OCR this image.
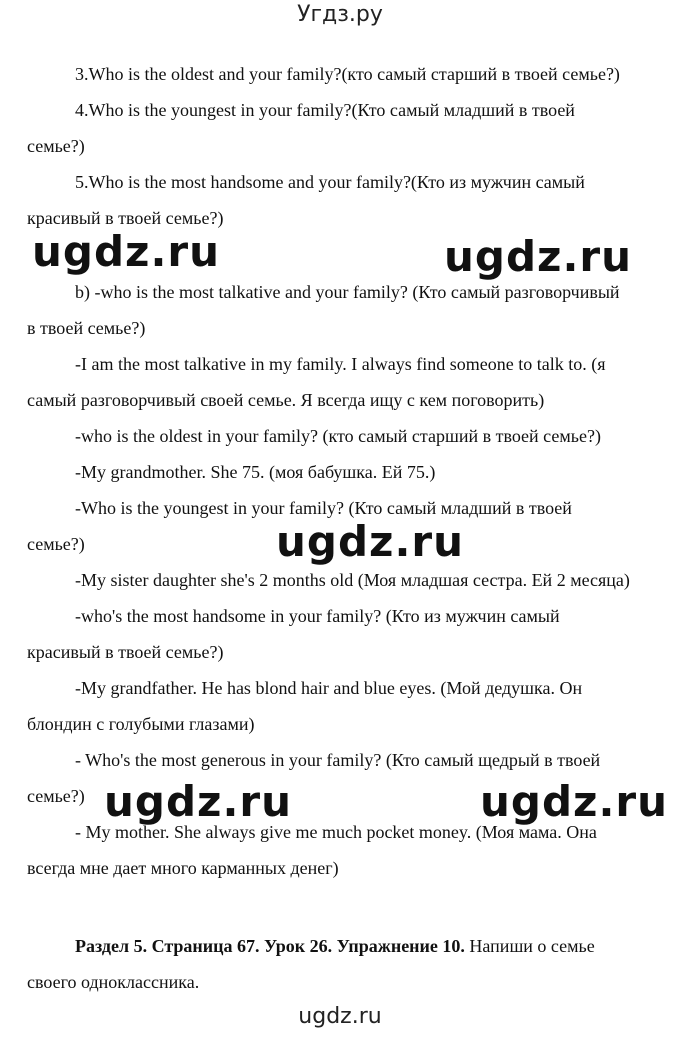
Угдз.ру

3.Who is the oldest and your family?(кто самый старший в твоей семье?)

4.Who is the youngest in your family?(Кто самый младший в твоей

семье?)

5.Who is the most handsome and your family?(Кто из мужчин самый

красивый в твоей семье?)

b) -who is the most talkative and your family? (Кто самый разговорчивый

в твоей семье?)

-I am the most talkative in my family. I always find someone to talk to. (я

самый разговорчивый своей семье. Я всегда ищу с кем поговорить)

-who is the oldest in your family? (кто самый старший в твоей семье?)

-My grandmother. She 75. (моя бабушка. Ей 75.)

-Who is the youngest in your family? (Кто самый младший в твоей

семье?)

-My sister daughter she's 2 months old (Моя младшая сестра. Ей 2 месяца)

-who's the most handsome in your family? (Кто из мужчин самый

красивый в твоей семье?)

-My grandfather. He has blond hair and blue eyes. (Мой дедушка. Он

блондин с голубыми глазами)

- Who's the most generous in your family? (Кто самый щедрый в твоей

семье?)

- My mother. She always give me much pocket money. (Моя мама. Она

всегда мне дает много карманных денег)

Раздел 5. Страница 67. Урок 26. Упражнение 10. Напиши о семье

своего одноклассника.

ugdz.ru	ugdz.ru
ugdz.ru
ugdz.ru	ugdz.ru
ugdz.ru
